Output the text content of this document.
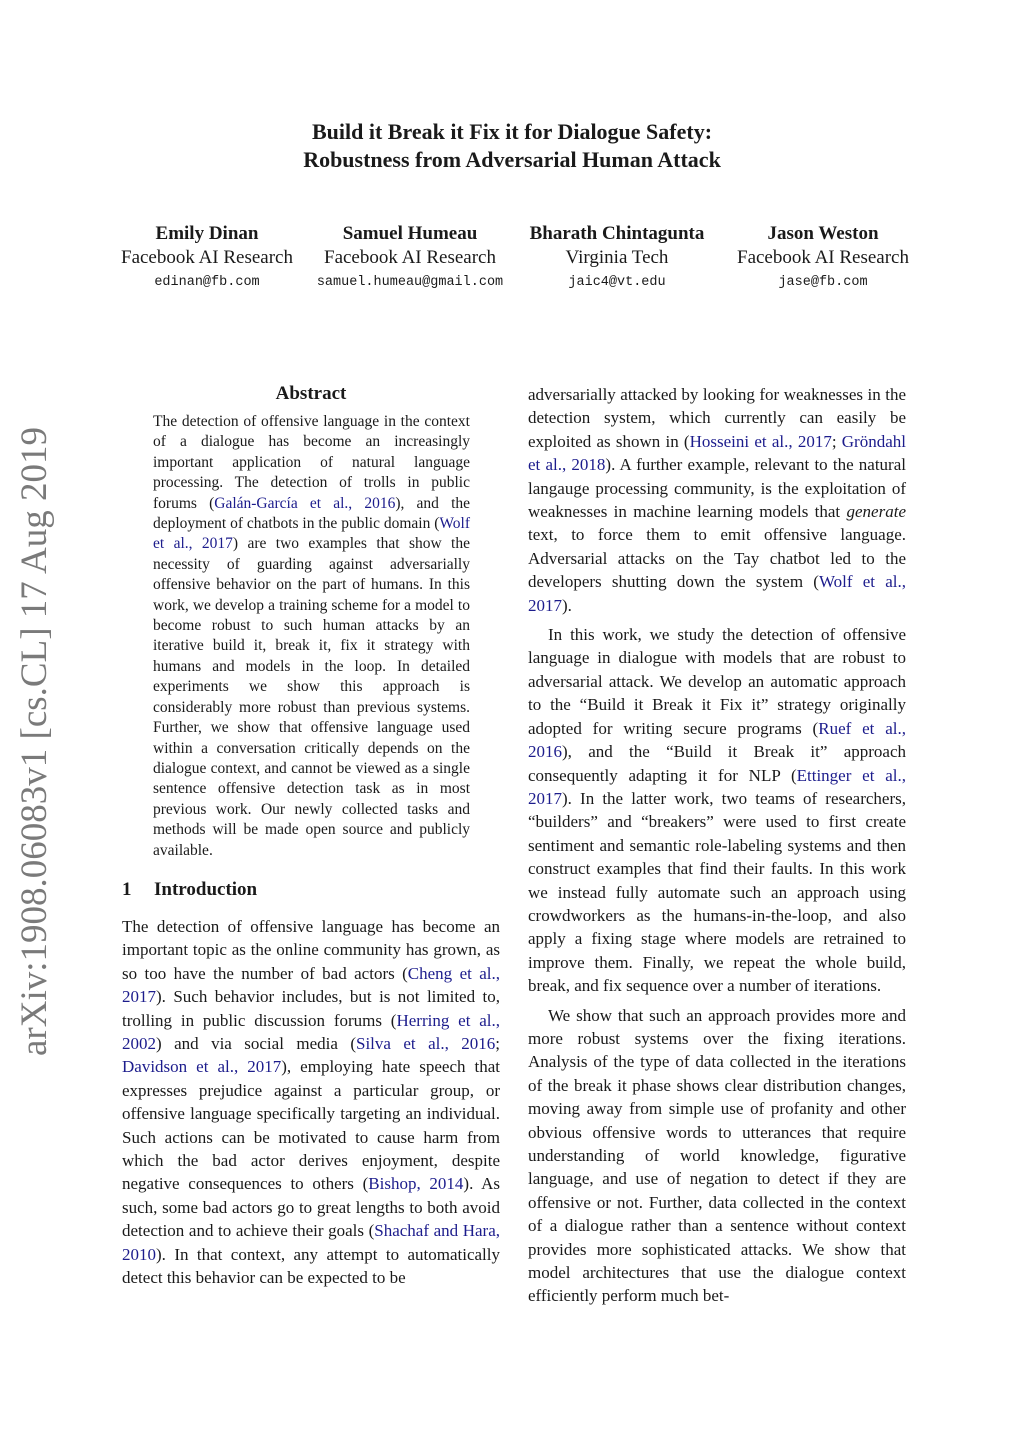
Build it Break it Fix it for Dialogue Safety:
Robustness from Adversarial Human Attack
Emily Dinan
Facebook AI Research
edinan@fb.com
Samuel Humeau
Facebook AI Research
samuel.humeau@gmail.com
Bharath Chintagunta
Virginia Tech
jaic4@vt.edu
Jason Weston
Facebook AI Research
jase@fb.com
arXiv:1908.06083v1 [cs.CL] 17 Aug 2019
Abstract

The detection of offensive language in the context of a dialogue has become an increasingly important application of natural language processing. The detection of trolls in public forums (Galán-García et al., 2016), and the deployment of chatbots in the public domain (Wolf et al., 2017) are two examples that show the necessity of guarding against adversarially offensive behavior on the part of humans. In this work, we develop a training scheme for a model to become robust to such human attacks by an iterative build it, break it, fix it strategy with humans and models in the loop. In detailed experiments we show this approach is considerably more robust than previous systems. Further, we show that offensive language used within a conversation critically depends on the dialogue context, and cannot be viewed as a single sentence offensive detection task as in most previous work. Our newly collected tasks and methods will be made open source and publicly available.

1 Introduction

The detection of offensive language has become an important topic as the online community has grown, as so too have the number of bad actors (Cheng et al., 2017). Such behavior includes, but is not limited to, trolling in public discussion forums (Herring et al., 2002) and via social media (Silva et al., 2016; Davidson et al., 2017), employing hate speech that expresses prejudice against a particular group, or offensive language specifically targeting an individual. Such actions can be motivated to cause harm from which the bad actor derives enjoyment, despite negative consequences to others (Bishop, 2014). As such, some bad actors go to great lengths to both avoid detection and to achieve their goals (Shachaf and Hara, 2010). In that context, any attempt to automatically detect this behavior can be expected to be

adversarially attacked by looking for weaknesses in the detection system, which currently can easily be exploited as shown in (Hosseini et al., 2017; Gröndahl et al., 2018). A further example, relevant to the natural langauge processing community, is the exploitation of weaknesses in machine learning models that generate text, to force them to emit offensive language. Adversarial attacks on the Tay chatbot led to the developers shutting down the system (Wolf et al., 2017).

In this work, we study the detection of offensive language in dialogue with models that are robust to adversarial attack. We develop an automatic approach to the “Build it Break it Fix it” strategy originally adopted for writing secure programs (Ruef et al., 2016), and the “Build it Break it” approach consequently adapting it for NLP (Ettinger et al., 2017). In the latter work, two teams of researchers, “builders” and “breakers” were used to first create sentiment and semantic role-labeling systems and then construct examples that find their faults. In this work we instead fully automate such an approach using crowdworkers as the humans-in-the-loop, and also apply a fixing stage where models are retrained to improve them. Finally, we repeat the whole build, break, and fix sequence over a number of iterations.

We show that such an approach provides more and more robust systems over the fixing iterations. Analysis of the type of data collected in the iterations of the break it phase shows clear distribution changes, moving away from simple use of profanity and other obvious offensive words to utterances that require understanding of world knowledge, figurative language, and use of negation to detect if they are offensive or not. Further, data collected in the context of a dialogue rather than a sentence without context provides more sophisticated attacks. We show that model architectures that use the dialogue context efficiently perform much bet-
